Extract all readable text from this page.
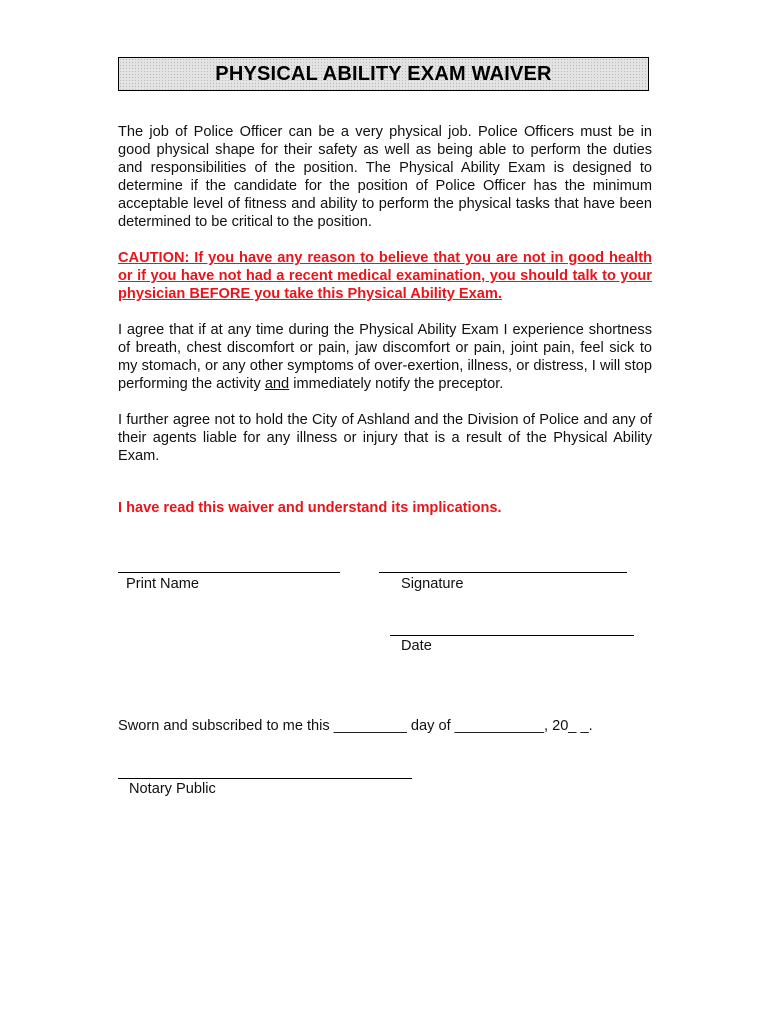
PHYSICAL ABILITY EXAM WAIVER

The job of Police Officer can be a very physical job. Police Officers must be in good physical shape for their safety as well as being able to perform the duties and responsibilities of the position. The Physical Ability Exam is designed to determine if the candidate for the position of Police Officer has the minimum acceptable level of fitness and ability to perform the physical tasks that have been determined to be critical to the position.

CAUTION: If you have any reason to believe that you are not in good health or if you have not had a recent medical examination, you should talk to your physician BEFORE you take this Physical Ability Exam.

I agree that if at any time during the Physical Ability Exam I experience shortness of breath, chest discomfort or pain, jaw discomfort or pain, joint pain, feel sick to my stomach, or any other symptoms of over-exertion, illness, or distress, I will stop performing the activity and immediately notify the preceptor.

I further agree not to hold the City of Ashland and the Division of Police and any of their agents liable for any illness or injury that is a result of the Physical Ability Exam.

I have read this waiver and understand its implications.

Print Name	Signature
Date
Sworn and subscribed to me this _________ day of ___________, 20_ _.
Notary Public
